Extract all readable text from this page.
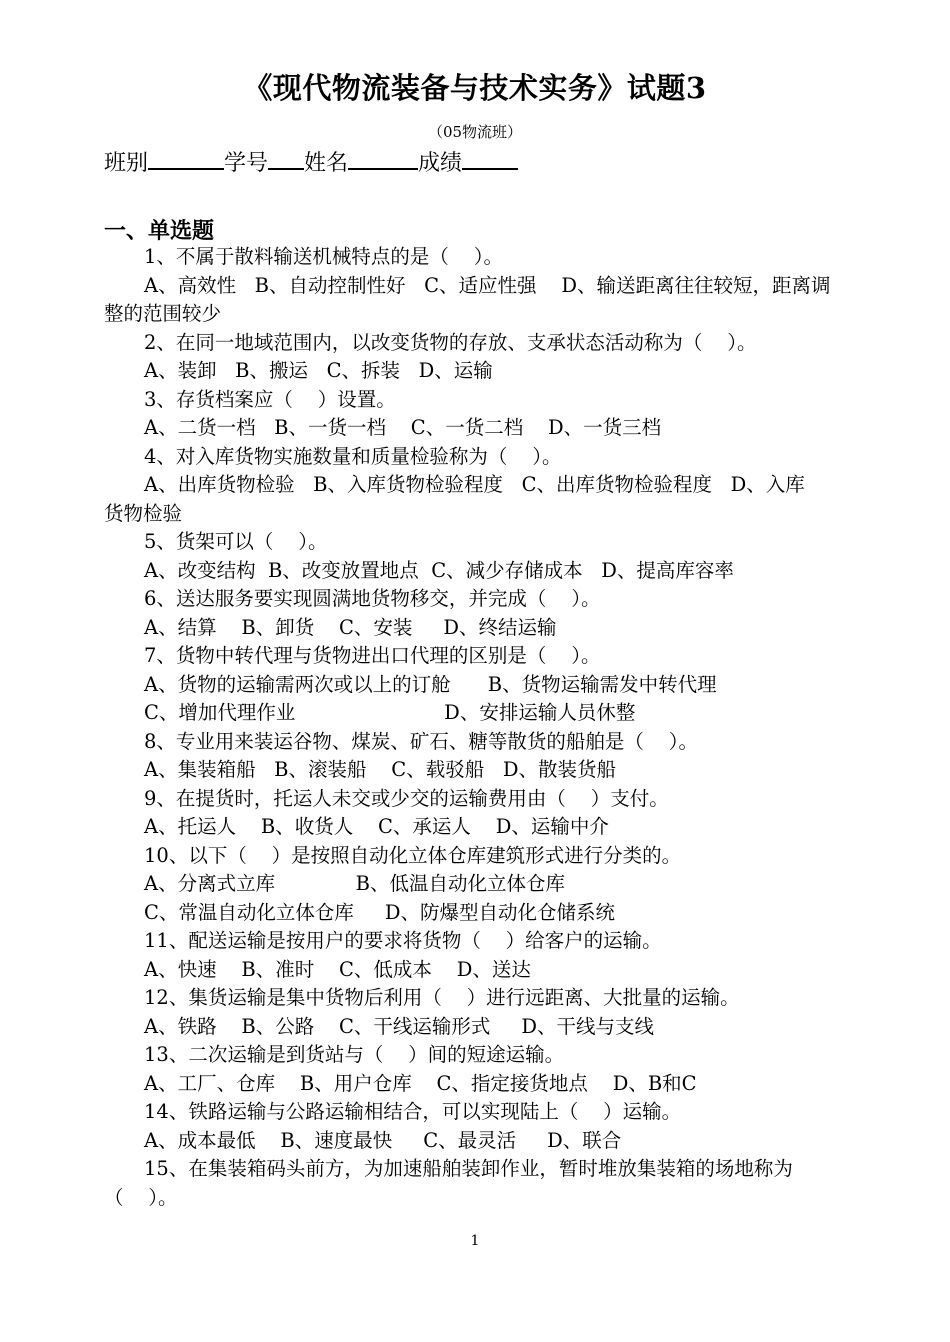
《现代物流装备与技术实务》试题3
（05物流班）
班别	学号 姓名	成绩
一、单选题
1、不属于散料输送机械特点的是（    ）。
A、高效性   B、自动控制性好   C、适应性强    D、输送距离往往较短，距离调
整的范围较少
2、在同一地域范围内，以改变货物的存放、支承状态活动称为（    ）。
A、装卸   B、搬运   C、拆装   D、运输
3、存货档案应（    ）设置。
A、二货一档   B、一货一档    C、一货二档    D、一货三档
4、对入库货物实施数量和质量检验称为（    ）。
A、出库货物检验   B、入库货物检验程度   C、出库货物检验程度   D、入库
货物检验
5、货架可以（    ）。
A、改变结构  B、改变放置地点  C、减少存储成本   D、提高库容率
6、送达服务要实现圆满地货物移交，并完成（    ）。
A、结算    B、卸货    C、安装     D、终结运输
7、货物中转代理与货物进出口代理的区别是（    ）。
A、货物的运输需两次或以上的订舱      B、货物运输需发中转代理
C、增加代理作业                        D、安排运输人员休整
8、专业用来装运谷物、煤炭、矿石、糖等散货的船舶是（    ）。
A、集装箱船   B、滚装船    C、载驳船   D、散装货船
9、在提货时，托运人未交或少交的运输费用由（    ）支付。
A、托运人    B、收货人    C、承运人    D、运输中介
10、以下（    ）是按照自动化立体仓库建筑形式进行分类的。
A、分离式立库             B、低温自动化立体仓库
C、常温自动化立体仓库     D、防爆型自动化仓储系统
11、配送运输是按用户的要求将货物（    ）给客户的运输。
A、快速    B、准时    C、低成本    D、送达
12、集货运输是集中货物后利用（    ）进行远距离、大批量的运输。
A、铁路    B、公路    C、干线运输形式     D、干线与支线
13、二次运输是到货站与（    ）间的短途运输。
A、工厂、仓库    B、用户仓库    C、指定接货地点    D、B和C
14、铁路运输与公路运输相结合，可以实现陆上（    ）运输。
A、成本最低    B、速度最快     C、最灵活     D、联合
15、在集装箱码头前方，为加速船舶装卸作业，暂时堆放集装箱的场地称为
（    ）。
1
